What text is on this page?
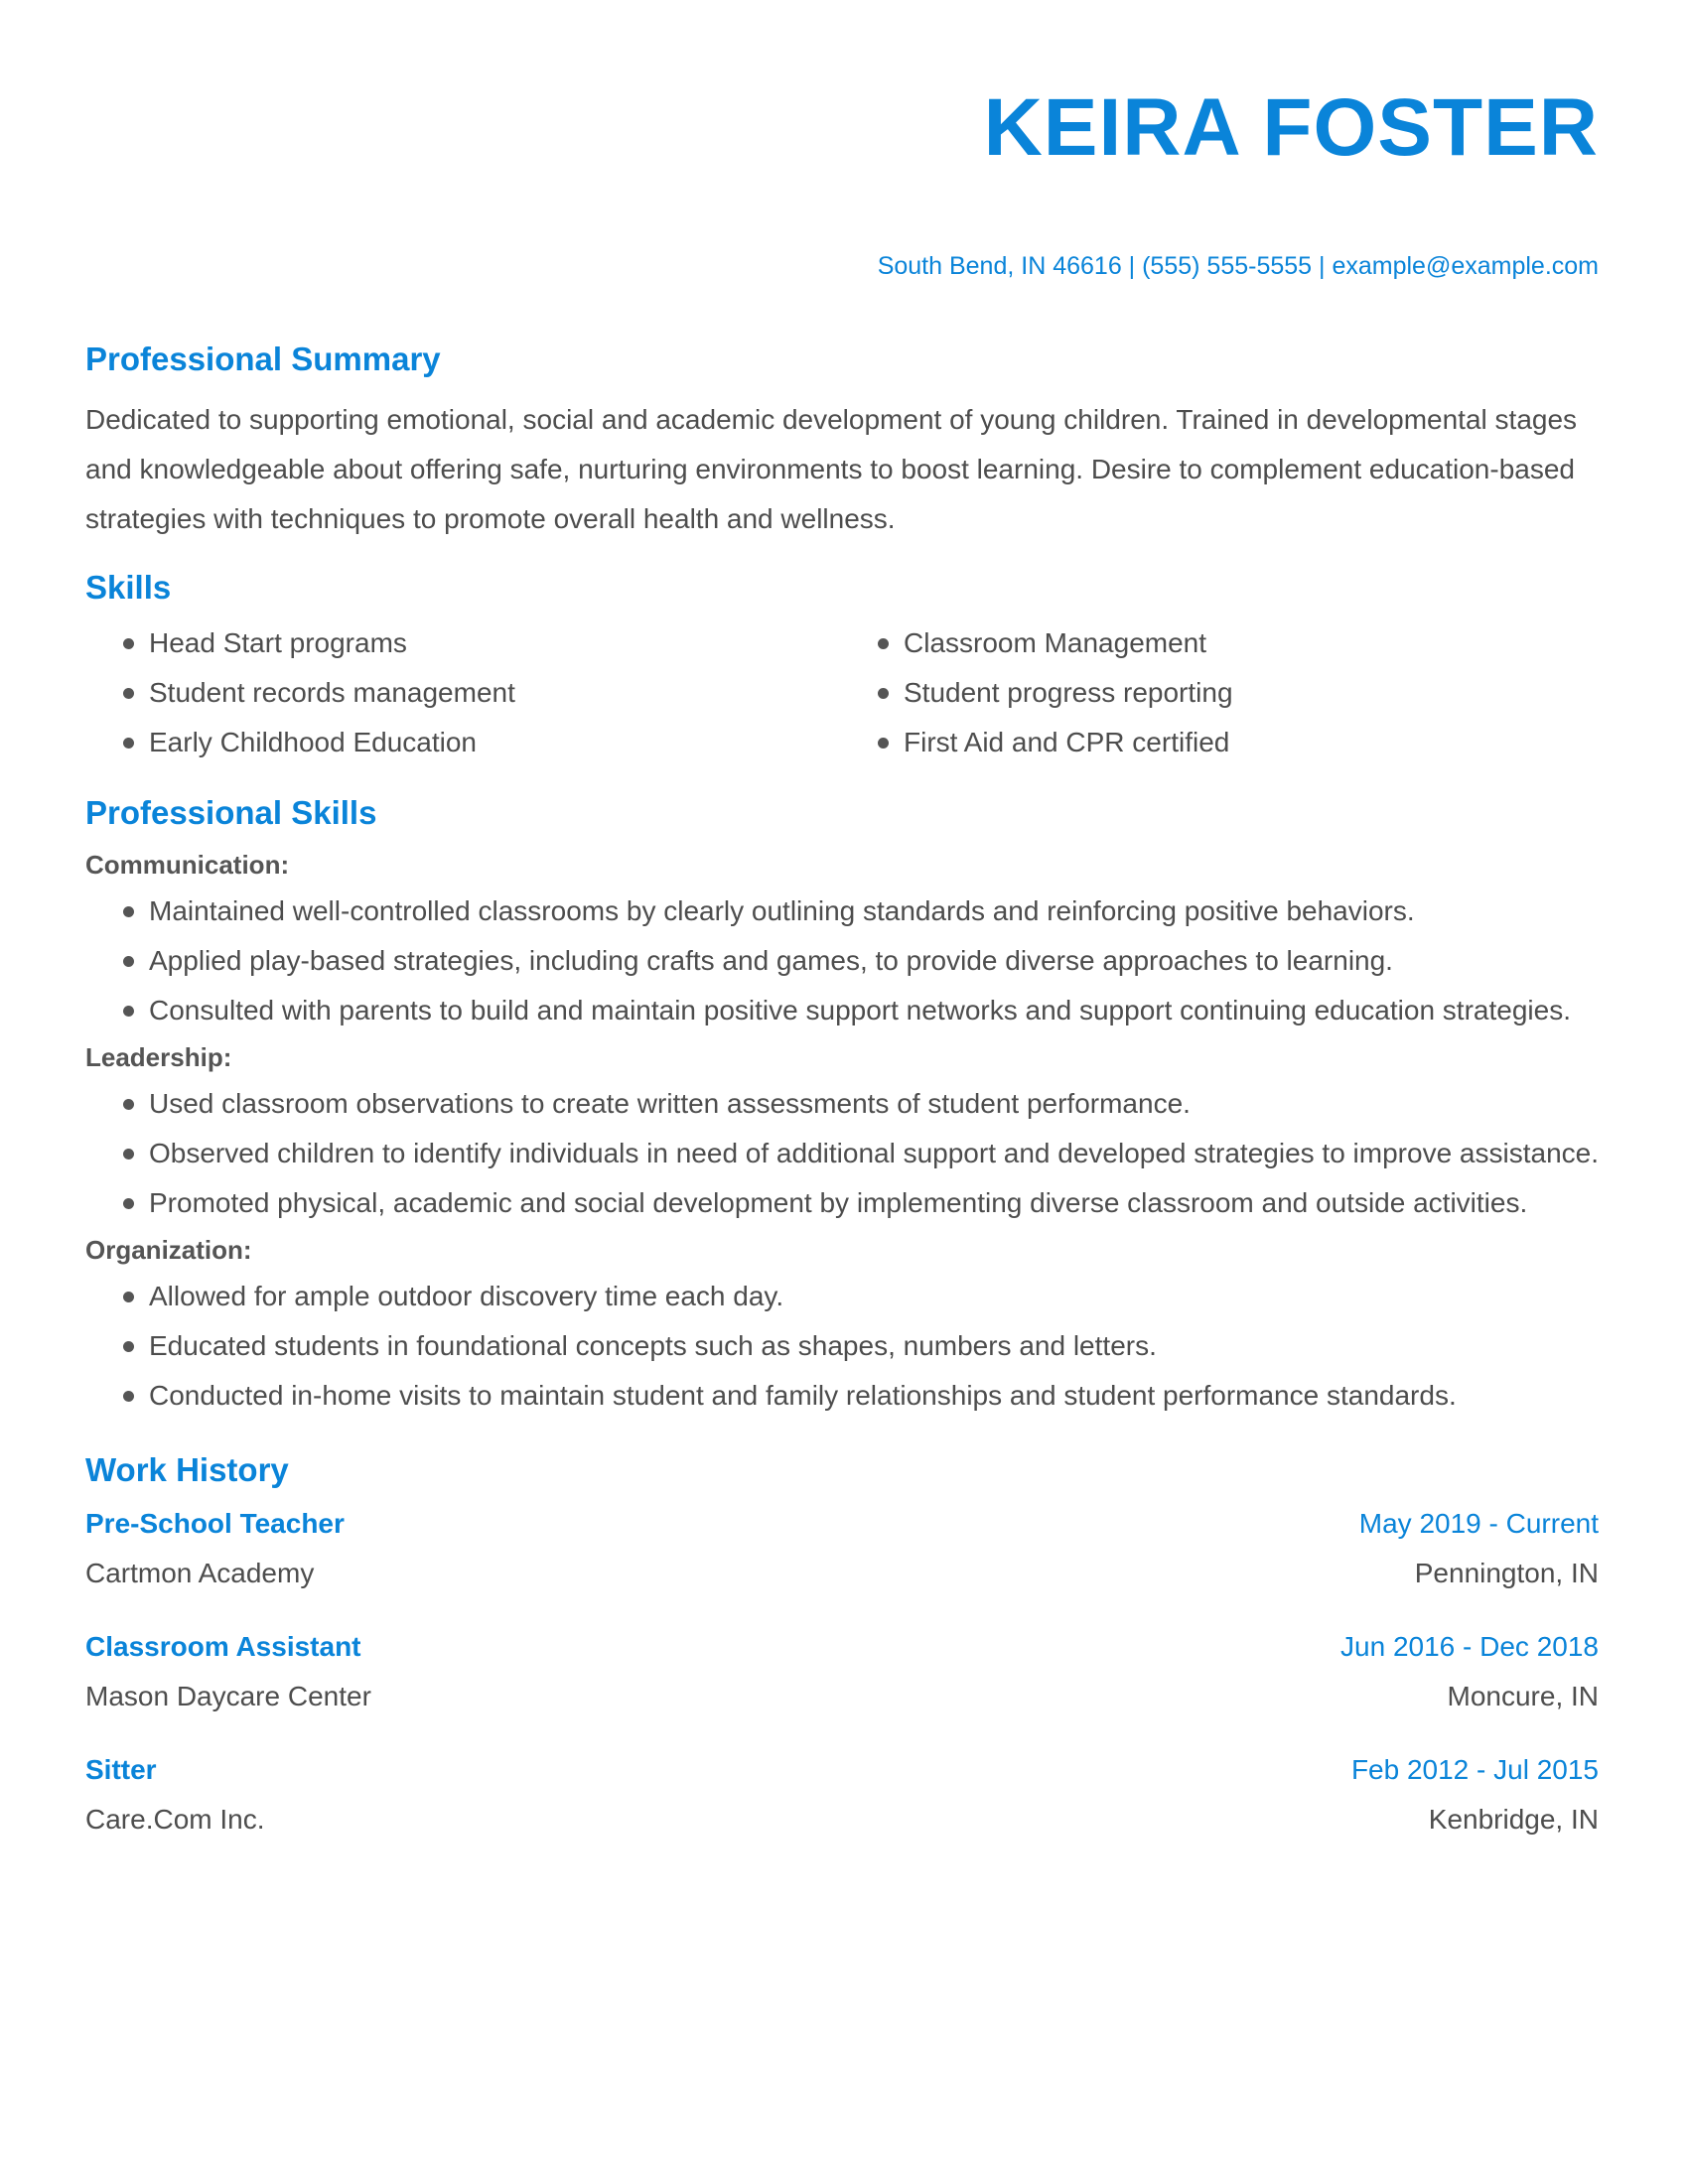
KEIRA FOSTER
South Bend, IN 46616 | (555) 555-5555 | example@example.com
Professional Summary

Dedicated to supporting emotional, social and academic development of young children. Trained in developmental stages and knowledgeable about offering safe, nurturing environments to boost learning. Desire to complement education-based strategies with techniques to promote overall health and wellness.

Skills
Head Start programs
Student records management
Early Childhood Education
Classroom Management
Student progress reporting
First Aid and CPR certified
Professional Skills
Communication:
Maintained well-controlled classrooms by clearly outlining standards and reinforcing positive behaviors.
Applied play-based strategies, including crafts and games, to provide diverse approaches to learning.
Consulted with parents to build and maintain positive support networks and support continuing education strategies.
Leadership:
Used classroom observations to create written assessments of student performance.
Observed children to identify individuals in need of additional support and developed strategies to improve assistance.
Promoted physical, academic and social development by implementing diverse classroom and outside activities.
Organization:
Allowed for ample outdoor discovery time each day.
Educated students in foundational concepts such as shapes, numbers and letters.
Conducted in-home visits to maintain student and family relationships and student performance standards.
Work History
Pre-School Teacher	May 2019 - Current
Cartmon Academy	Pennington, IN
Classroom Assistant	Jun 2016 - Dec 2018
Mason Daycare Center	Moncure, IN
Sitter	Feb 2012 - Jul 2015
Care.Com Inc.	Kenbridge, IN
